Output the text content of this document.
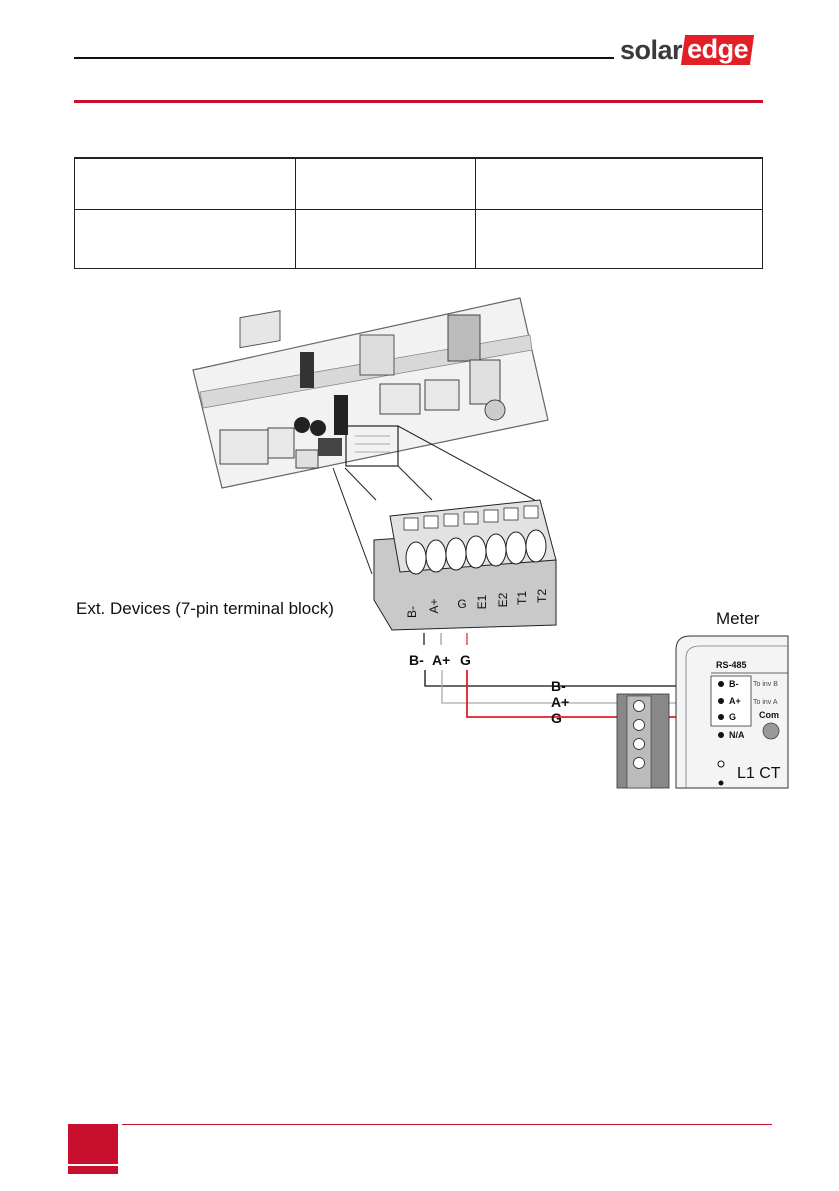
solar edge

B- A+ G E1 E2 T1 T2
Ext. Devices (7-pin terminal block)
B- A+ G
B-
A+
G
Meter
RS-485
B-
A+
G
N/A
To inv B
To inv A
Com
L1 CT
